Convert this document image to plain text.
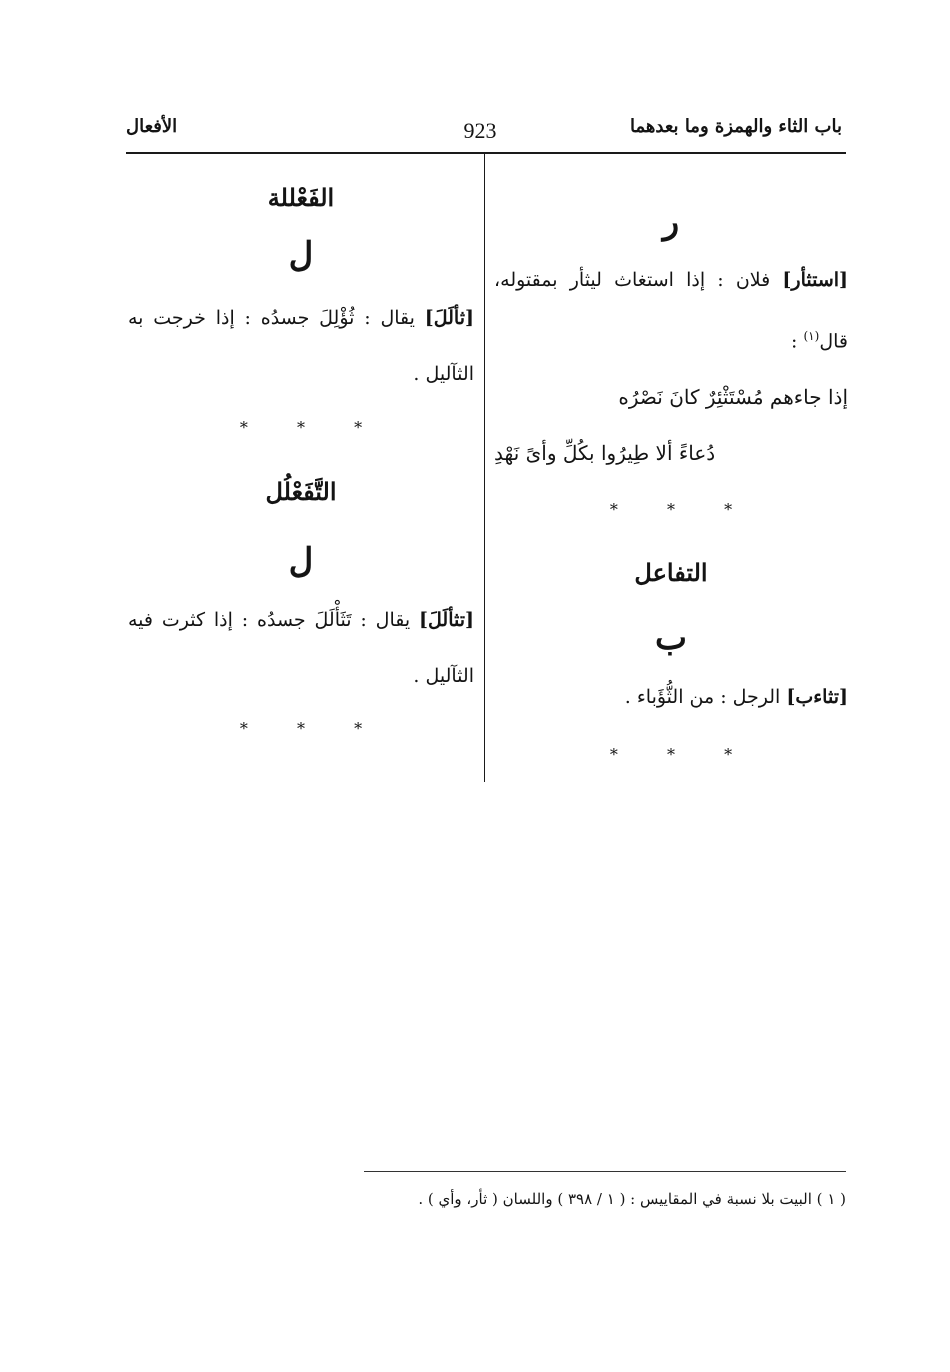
باب الثاء والهمزة وما بعدهما
923
الأفعال
ر
[استثأر] فلان : إذا استغاث ليثأر بمقتوله، قال$^{(١)}$ :
إذا جاءهم مُسْتَثْئِرٌ كانَ نَصْرُه
دُعاءً ألا طِيرُوا بكُلِّ وأىً نَهْدِ
* * *
التفاعل
ب
[تثاءب] الرجل : من الثُّؤَباء .
* * *
الفَعْللة
ل
[ثألَلَ] يقال : ثُؤْلِلَ جسدُه : إذا خرجت به الثآليل .
* * *
التَّفَعْلُل
ل
[تثألَلَ] يقال : تَثَأْلَلَ جسدُه : إذا كثرت فيه الثآليل .
* * *
( ١ ) البيت بلا نسبة في المقاييس : ( ١ / ٣٩٨ ) واللسان ( ثأر، وأي ) .
